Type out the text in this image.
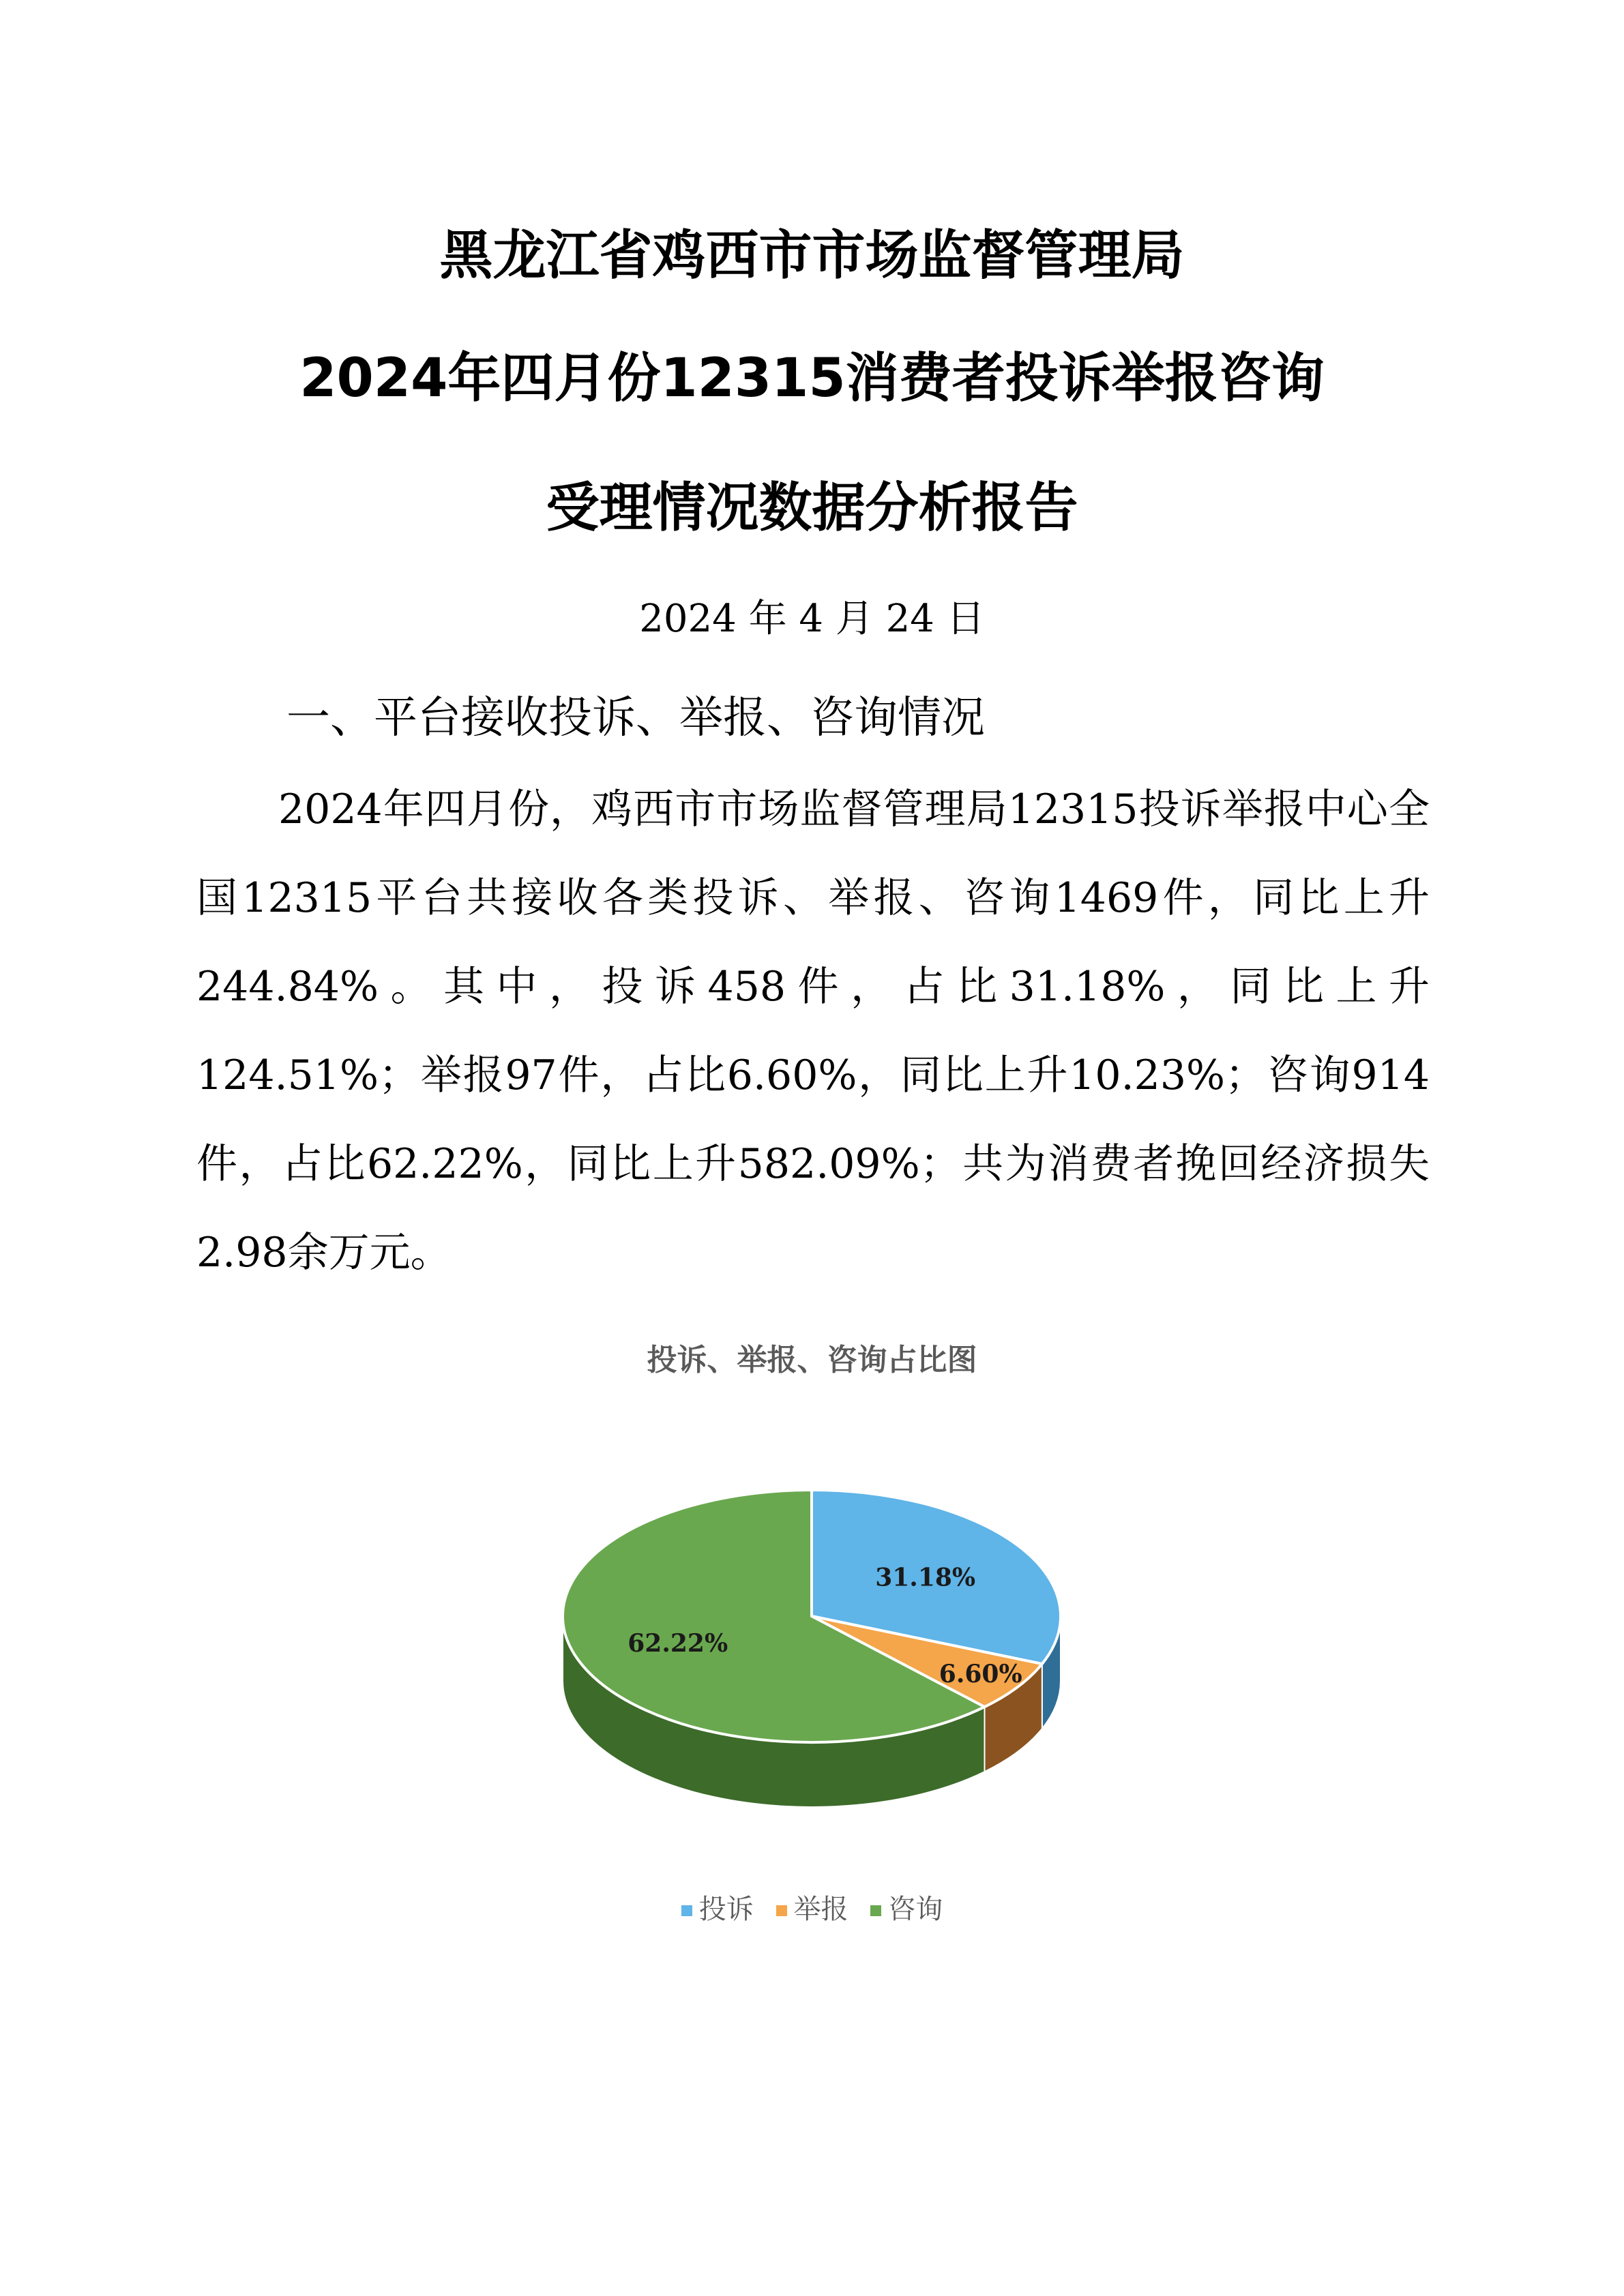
黑龙江省鸡西市市场监督管理局
2024年四月份12315消费者投诉举报咨询
受理情况数据分析报告
2024 年 4 月 24 日
一、平台接收投诉、举报、咨询情况

2024年四月份，鸡西市市场监督管理局12315投诉举报中心全国12315平台共接收各类投诉、举报、咨询1469件，同比上升244.84%。其中，投诉458件，占比31.18%，同比上升124.51%；举报97件，占比6.60%，同比上升10.23%；咨询914件，占比62.22%，同比上升582.09%；共为消费者挽回经济损失2.98余万元。

投诉、举报、咨询占比图
31.18%
6.60%
62.22%
投诉 举报 咨询
